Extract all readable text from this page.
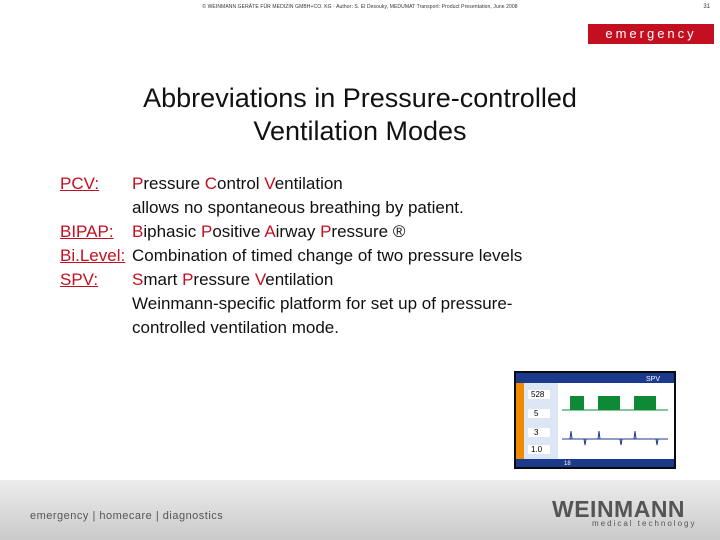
© WEINMANN GERÄTE FÜR MEDIZIN GMBH+CO. KG · Author: S. El Desouky, MEDUMAT Transport: Product Presentation, June 2008	31
emergency
Abbreviations in Pressure-controlled
Ventilation Modes
PCV: Pressure Control Ventilation
allows no spontaneous breathing by patient.
BIPAP: Biphasic Positive Airway Pressure ®
Bi.Level: Combination of timed change of two pressure levels
SPV: Smart Pressure Ventilation
Weinmann-specific platform for set up of pressure-
controlled ventilation mode.
SPV
528
5
3
1.0
18
emergency | homecare | diagnostics	WEINMANN
medical technology
